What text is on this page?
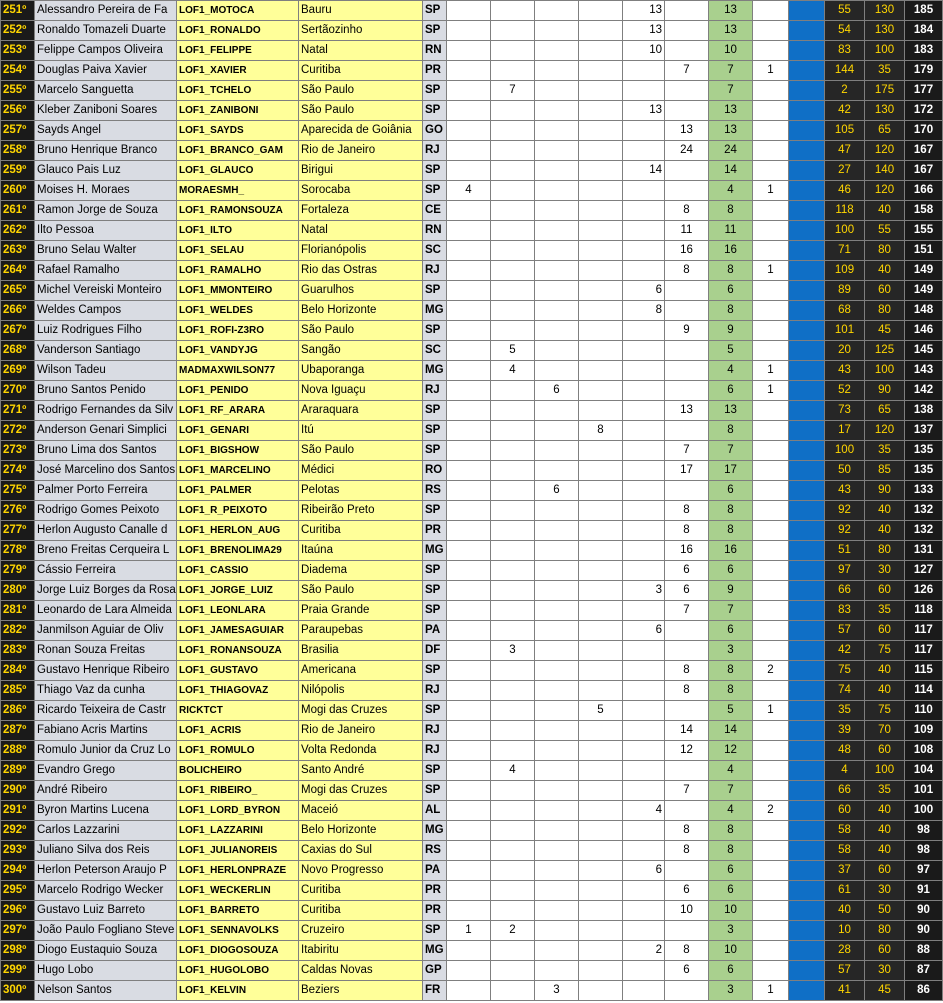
251º	Alessandro Pereira de Fa	LOF1_MOTOCA	Bauru	SP					13		13			55	130	185
252º	Ronaldo Tomazeli Duarte	LOF1_RONALDO	Sertãozinho	SP					13		13			54	130	184
253º	Felippe Campos Oliveira	LOF1_FELIPPE	Natal	RN					10		10			83	100	183
254º	Douglas Paiva Xavier	LOF1_XAVIER	Curitiba	PR						7	7	1		144	35	179
255º	Marcelo Sanguetta	LOF1_TCHELO	São Paulo	SP		7					7			2	175	177
256º	Kleber Zaniboni Soares	LOF1_ZANIBONI	São Paulo	SP					13		13			42	130	172
257º	Sayds Angel	LOF1_SAYDS	Aparecida de Goiânia	GO						13	13			105	65	170
258º	Bruno Henrique Branco	LOF1_BRANCO_GAM	Rio de Janeiro	RJ						24	24			47	120	167
259º	Glauco Pais Luz	LOF1_GLAUCO	Birigui	SP					14		14			27	140	167
260º	Moises H. Moraes	MORAESMH_	Sorocaba	SP	4						4	1		46	120	166
261º	Ramon Jorge de Souza	LOF1_RAMONSOUZA	Fortaleza	CE						8	8			118	40	158
262º	Ilto Pessoa	LOF1_ILTO	Natal	RN						11	11			100	55	155
263º	Bruno Selau Walter	LOF1_SELAU	Florianópolis	SC						16	16			71	80	151
264º	Rafael Ramalho	LOF1_RAMALHO	Rio das Ostras	RJ						8	8	1		109	40	149
265º	Michel Vereiski Monteiro	LOF1_MMONTEIRO	Guarulhos	SP					6		6			89	60	149
266º	Weldes Campos	LOF1_WELDES	Belo Horizonte	MG					8		8			68	80	148
267º	Luiz Rodrigues Filho	LOF1_ROFI-Z3RO	São Paulo	SP						9	9			101	45	146
268º	Vanderson Santiago	LOF1_VANDYJG	Sangão	SC		5					5			20	125	145
269º	Wilson Tadeu	MADMAXWILSON77	Ubaporanga	MG		4					4	1		43	100	143
270º	Bruno Santos Penido	LOF1_PENIDO	Nova Iguaçu	RJ			6				6	1		52	90	142
271º	Rodrigo Fernandes da Silv	LOF1_RF_ARARA	Araraquara	SP						13	13			73	65	138
272º	Anderson Genari Simplici	LOF1_GENARI	Itú	SP				8			8			17	120	137
273º	Bruno Lima dos Santos	LOF1_BIGSHOW	São Paulo	SP						7	7			100	35	135
274º	José Marcelino dos Santos	LOF1_MARCELINO	Médici	RO						17	17			50	85	135
275º	Palmer Porto Ferreira	LOF1_PALMER	Pelotas	RS			6				6			43	90	133
276º	Rodrigo Gomes Peixoto	LOF1_R_PEIXOTO	Ribeirão Preto	SP						8	8			92	40	132
277º	Herlon Augusto Canalle d	LOF1_HERLON_AUG	Curitiba	PR						8	8			92	40	132
278º	Breno Freitas Cerqueira L	LOF1_BRENOLIMA29	Itaúna	MG						16	16			51	80	131
279º	Cássio Ferreira	LOF1_CASSIO	Diadema	SP						6	6			97	30	127
280º	Jorge Luiz Borges da Rosa	LOF1_JORGE_LUIZ	São Paulo	SP					3	6	9			66	60	126
281º	Leonardo de Lara Almeida	LOF1_LEONLARA	Praia Grande	SP						7	7			83	35	118
282º	Janmilson Aguiar de Oliv	LOF1_JAMESAGUIAR	Paraupebas	PA					6		6			57	60	117
283º	Ronan Souza Freitas	LOF1_RONANSOUZA	Brasilia	DF		3					3			42	75	117
284º	Gustavo Henrique Ribeiro	LOF1_GUSTAVO	Americana	SP						8	8	2		75	40	115
285º	Thiago Vaz da cunha	LOF1_THIAGOVAZ	Nilópolis	RJ						8	8			74	40	114
286º	Ricardo Teixeira de Castr	RICKTCT	Mogi das Cruzes	SP				5			5	1		35	75	110
287º	Fabiano Acris Martins	LOF1_ACRIS	Rio de Janeiro	RJ						14	14			39	70	109
288º	Romulo Junior da Cruz Lo	LOF1_ROMULO	Volta Redonda	RJ						12	12			48	60	108
289º	Evandro Grego	BOLICHEIRO	Santo André	SP		4					4			4	100	104
290º	André Ribeiro	LOF1_RIBEIRO_	Mogi das Cruzes	SP						7	7			66	35	101
291º	Byron Martins Lucena	LOF1_LORD_BYRON	Maceió	AL					4		4	2		60	40	100
292º	Carlos Lazzarini	LOF1_LAZZARINI	Belo Horizonte	MG						8	8			58	40	98
293º	Juliano Silva dos Reis	LOF1_JULIANOREIS	Caxias do Sul	RS						8	8			58	40	98
294º	Herlon Peterson Araujo P	LOF1_HERLONPRAZE	Novo Progresso	PA					6		6			37	60	97
295º	Marcelo Rodrigo Wecker	LOF1_WECKERLIN	Curitiba	PR						6	6			61	30	91
296º	Gustavo Luiz Barreto	LOF1_BARRETO	Curitiba	PR						10	10			40	50	90
297º	João Paulo Fogliano Steve	LOF1_SENNAVOLKS	Cruzeiro	SP	1	2					3			10	80	90
298º	Diogo Eustaquio Souza	LOF1_DIOGOSOUZA	Itabiritu	MG					2	8	10			28	60	88
299º	Hugo Lobo	LOF1_HUGOLOBO	Caldas Novas	GP						6	6			57	30	87
300º	Nelson Santos	LOF1_KELVIN	Beziers	FR			3				3	1		41	45	86
